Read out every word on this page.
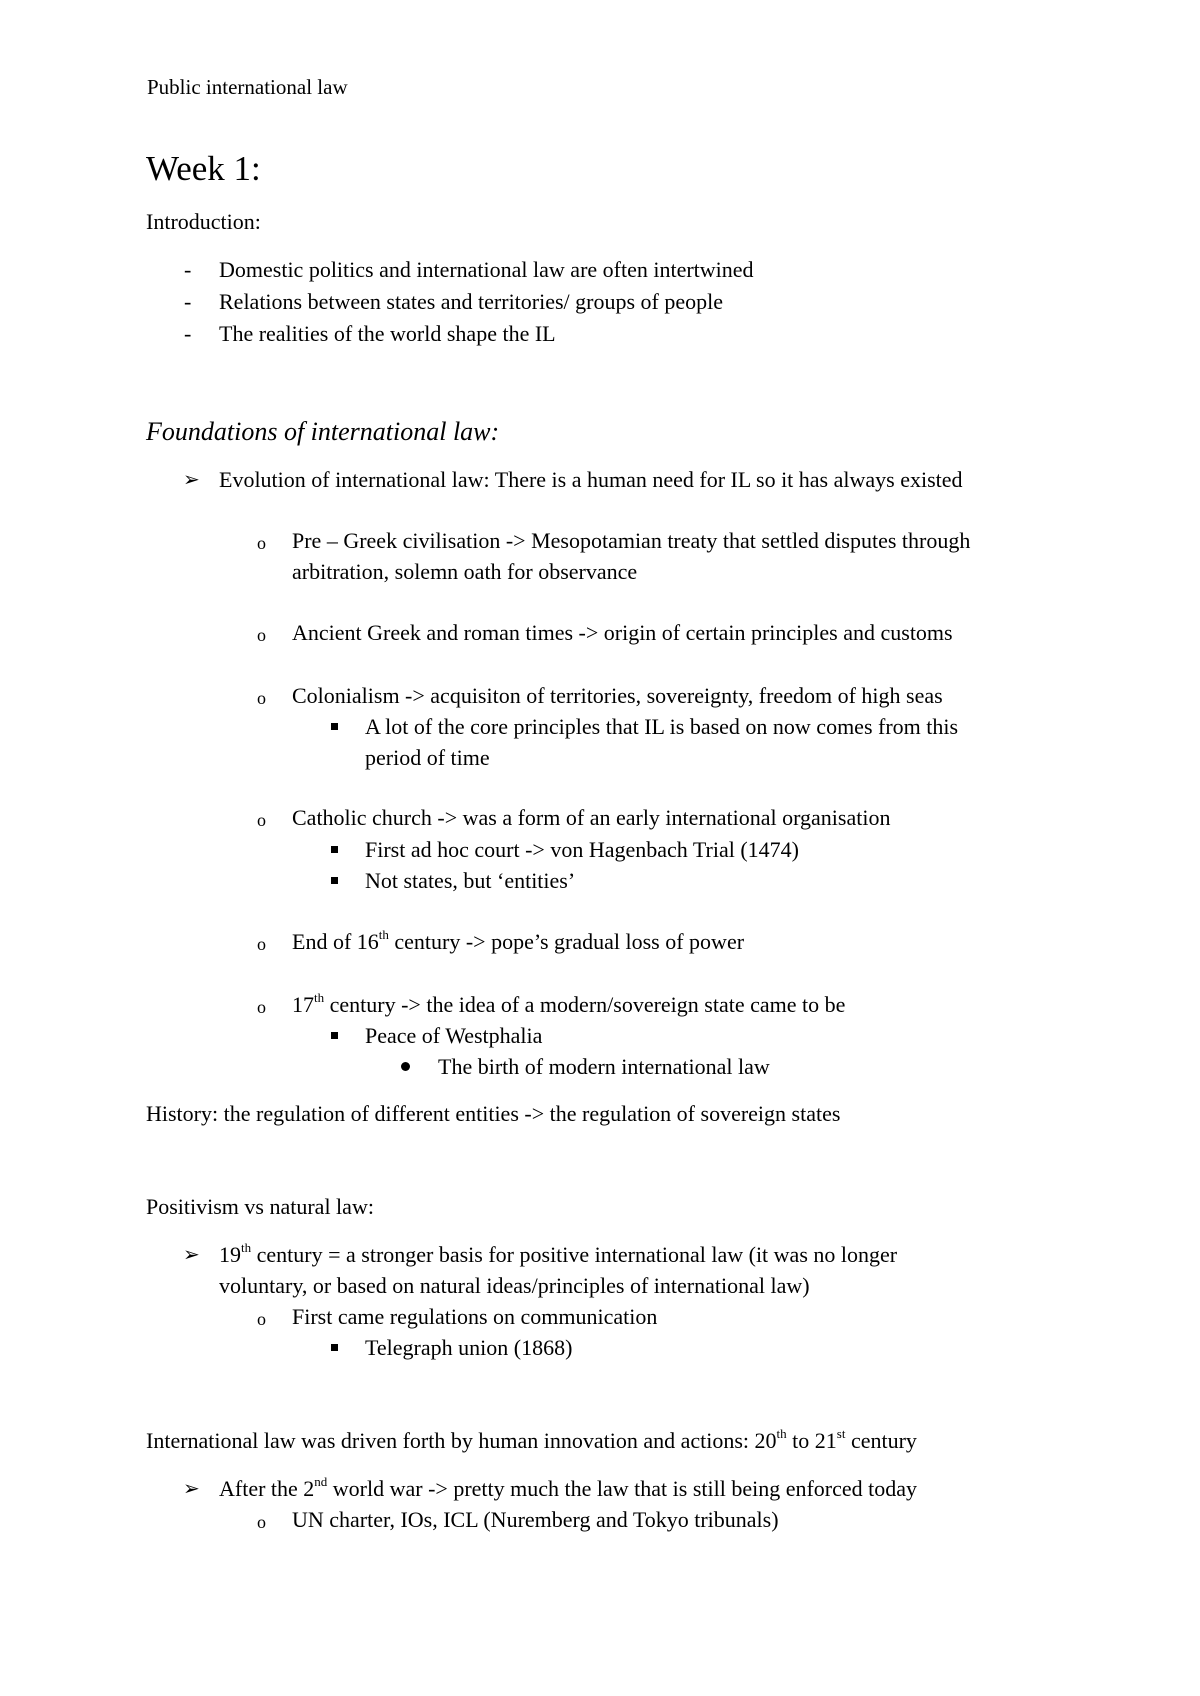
Public international law
Week 1:
Introduction:
- Domestic politics and international law are often intertwined
- Relations between states and territories/ groups of people
- The realities of the world shape the IL
Foundations of international law:
➢ Evolution of international law: There is a human need for IL so it has always existed
o Pre – Greek civilisation -> Mesopotamian treaty that settled disputes through
arbitration, solemn oath for observance
o Ancient Greek and roman times -> origin of certain principles and customs
o Colonialism -> acquisiton of territories, sovereignty, freedom of high seas
A lot of the core principles that IL is based on now comes from this
period of time
o Catholic church -> was a form of an early international organisation
First ad hoc court -> von Hagenbach Trial (1474)
Not states, but ‘entities’
o End of 16th century -> pope’s gradual loss of power
o 17th century -> the idea of a modern/sovereign state came to be
Peace of Westphalia
The birth of modern international law
History: the regulation of different entities -> the regulation of sovereign states
Positivism vs natural law:
➢ 19th century = a stronger basis for positive international law (it was no longer
voluntary, or based on natural ideas/principles of international law)
o First came regulations on communication
Telegraph union (1868)
International law was driven forth by human innovation and actions: 20th to 21st century
➢ After the 2nd world war -> pretty much the law that is still being enforced today
o UN charter, IOs, ICL (Nuremberg and Tokyo tribunals)
